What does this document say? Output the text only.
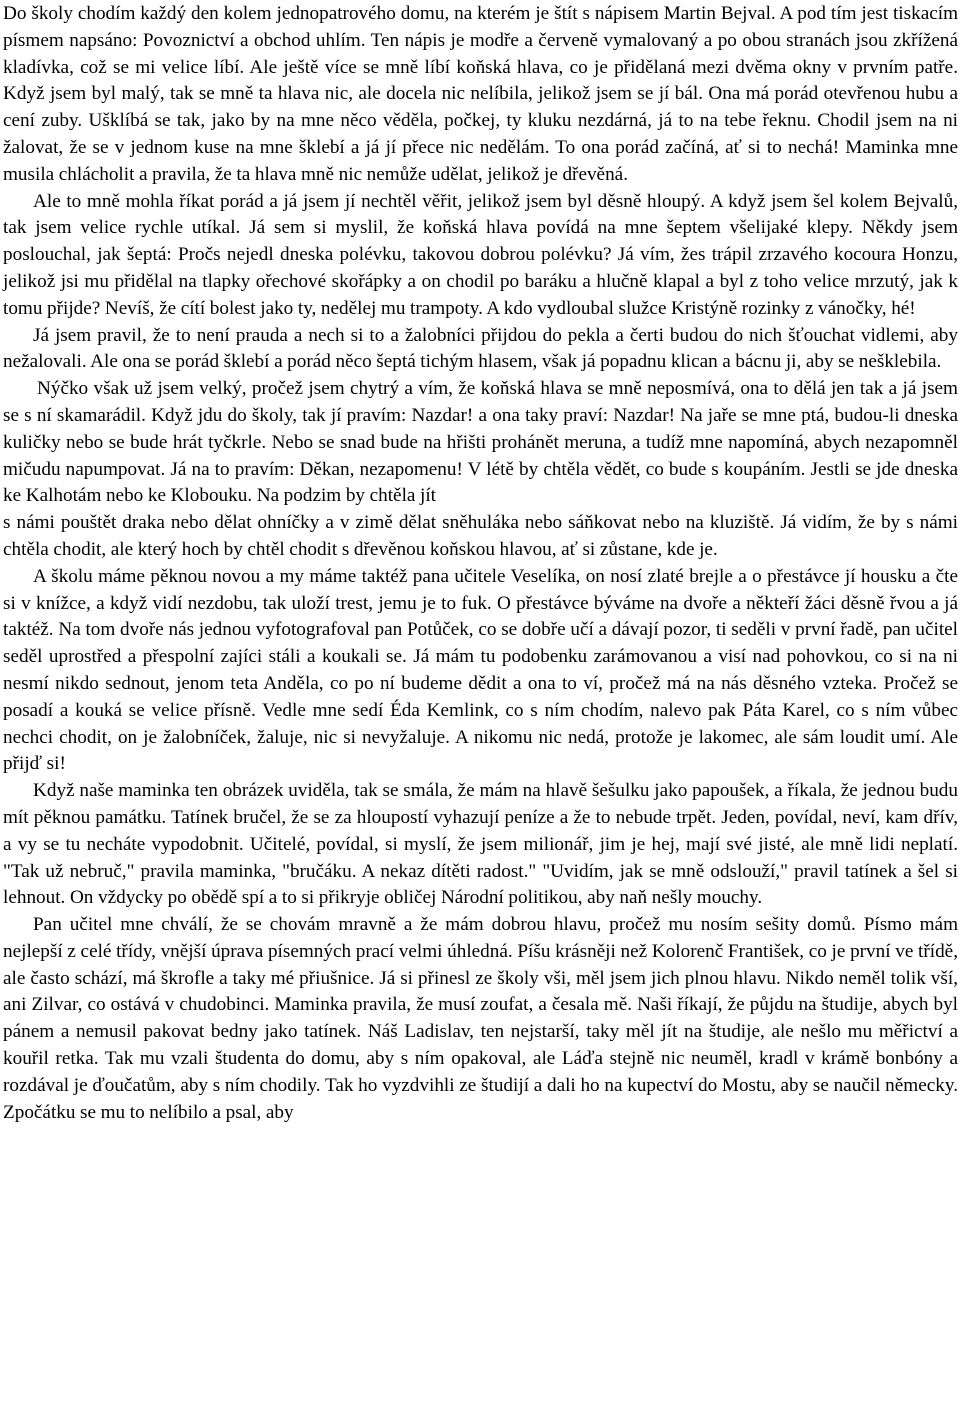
Do školy chodím každý den kolem jednopatrového domu, na kterém je štít s nápisem Martin Bejval. A pod tím jest tiskacím písmem napsáno: Povoznictví a obchod uhlím. Ten nápis je modře a červeně vymalovaný a po obou stranách jsou zkřížená kladívka, což se mi velice líbí. Ale ještě více se mně líbí koňská hlava, co je přidělaná mezi dvěma okny v prvním patře. Když jsem byl malý, tak se mně ta hlava nic, ale docela nic nelíbila, jelikož jsem se jí bál. Ona má porád otevřenou hubu a cení zuby. Ušklíbá se tak, jako by na mne něco věděla, počkej, ty kluku nezdárná, já to na tebe řeknu. Chodil jsem na ni žalovat, že se v jednom kuse na mne šklebí a já jí přece nic nedělám. To ona porád začíná, ať si to nechá! Maminka mne musila chlácholit a pravila, že ta hlava mně nic nemůže udělat, jelikož je dřevěná.

Ale to mně mohla říkat porád a já jsem jí nechtěl věřit, jelikož jsem byl děsně hloupý. A když jsem šel kolem Bejvalů, tak jsem velice rychle utíkal. Já sem si myslil, že koňská hlava povídá na mne šeptem všelijaké klepy. Někdy jsem poslouchal, jak šeptá: Pročs nejedl dneska polévku, takovou dobrou polévku? Já vím, žes trápil zrzavého kocoura Honzu, jelikož jsi mu přidělal na tlapky ořechové skořápky a on chodil po baráku a hlučně klapal a byl z toho velice mrzutý, jak k tomu přijde? Nevíš, že cítí bolest jako ty, nedělej mu trampoty. A kdo vydloubal služce Kristýně rozinky z vánočky, hé!

Já jsem pravil, že to není prauda a nech si to a žalobníci přijdou do pekla a čerti budou do nich šťouchat vidlemi, aby nežalovali. Ale ona se porád šklebí a porád něco šeptá tichým hlasem, však já popadnu klican a bácnu ji, aby se nešklebila.

Nýčko však už jsem velký, pročež jsem chytrý a vím, že koňská hlava se mně neposmívá, ona to dělá jen tak a já jsem se s ní skamarádil. Když jdu do školy, tak jí pravím: Nazdar! a ona taky praví: Nazdar! Na jaře se mne ptá, budou-li dneska kuličky nebo se bude hrát tyčkrle. Nebo se snad bude na hřišti prohánět meruna, a tudíž mne napomíná, abych nezapomněl mičudu napumpovat. Já na to pravím: Děkan, nezapomenu! V létě by chtěla vědět, co bude s koupáním. Jestli se jde dneska ke Kalhotám nebo ke Klobouku. Na podzim by chtěla jít

s námi pouštět draka nebo dělat ohníčky a v zimě dělat sněhuláka nebo sáňkovat nebo na kluziště. Já vidím, že by s námi chtěla chodit, ale který hoch by chtěl chodit s dřevěnou koňskou hlavou, ať si zůstane, kde je.

A školu máme pěknou novou a my máme taktéž pana učitele Veselíka, on nosí zlaté brejle a o přestávce jí housku a čte si v knížce, a když vidí nezdobu, tak uloží trest, jemu je to fuk. O přestávce býváme na dvoře a někteří žáci děsně řvou a já taktéž. Na tom dvoře nás jednou vyfotografoval pan Potůček, co se dobře učí a dávají pozor, ti seděli v první řadě, pan učitel seděl uprostřed a přespolní zajíci stáli a koukali se. Já mám tu podobenku zarámovanou a visí nad pohovkou, co si na ni nesmí nikdo sednout, jenom teta Anděla, co po ní budeme dědit a ona to ví, pročež má na nás děsného vzteka. Pročež se posadí a kouká se velice přísně. Vedle mne sedí Éda Kemlink, co s ním chodím, nalevo pak Páta Karel, co s ním vůbec nechci chodit, on je žalobníček, žaluje, nic si nevyžaluje. A nikomu nic nedá, protože je lakomec, ale sám loudit umí. Ale přijď si!

Když naše maminka ten obrázek uviděla, tak se smála, že mám na hlavě šešulku jako papoušek, a říkala, že jednou budu mít pěknou památku. Tatínek bručel, že se za hloupostí vyhazují peníze a že to nebude trpět. Jeden, povídal, neví, kam dřív, a vy se tu necháte vypodobnit. Učitelé, povídal, si myslí, že jsem milionář, jim je hej, mají své jisté, ale mně lidi neplatí. "Tak už nebruč," pravila maminka, "bručáku. A nekaz dítěti radost." "Uvidím, jak se mně odslouží," pravil tatínek a šel si lehnout. On vždycky po obědě spí a to si přikryje obličej Národní politikou, aby naň nešly mouchy.

Pan učitel mne chválí, že se chovám mravně a že mám dobrou hlavu, pročež mu nosím sešity domů. Písmo mám nejlepší z celé třídy, vnější úprava písemných prací velmi úhledná. Píšu krásněji než Kolorenč František, co je první ve třídě, ale často schází, má škrofle a taky mé přiušnice. Já si přinesl ze školy vši, měl jsem jich plnou hlavu. Nikdo neměl tolik vší, ani Zilvar, co ostává v chudobinci. Maminka pravila, že musí zoufat, a česala mě. Naši říkají, že půjdu na študije, abych byl pánem a nemusil pakovat bedny jako tatínek. Náš Ladislav, ten nejstarší, taky měl jít na študije, ale nešlo mu měřictví a kouřil retka. Tak mu vzali študenta do domu, aby s ním opakoval, ale Láďa stejně nic neuměl, kradl v krámě bonbóny a rozdával je ďoučatům, aby s ním chodily. Tak ho vyzdvihli ze študijí a dali ho na kupectví do Mostu, aby se naučil německy. Zpočátku se mu to nelíbilo a psal, aby
